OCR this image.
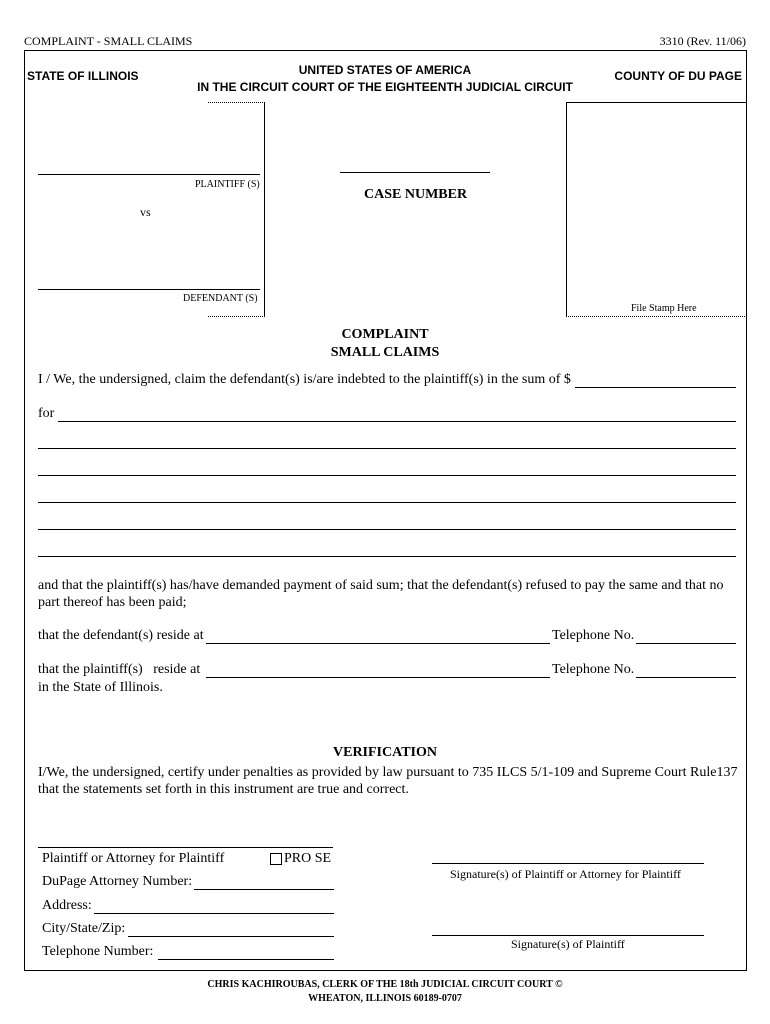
COMPLAINT - SMALL CLAIMS	3310 (Rev. 11/06)
STATE OF ILLINOIS	UNITED STATES OF AMERICA
IN THE CIRCUIT COURT OF THE EIGHTEENTH JUDICIAL CIRCUIT
COUNTY OF DU PAGE
PLAINTIFF (S)
vs
DEFENDANT (S)
CASE NUMBER
File Stamp Here
COMPLAINT
SMALL CLAIMS
I / We, the undersigned, claim the defendant(s) is/are indebted to the plaintiff(s) in the sum of $
for
and that the plaintiff(s) has/have demanded payment of said sum; that the defendant(s) refused to pay the same and that no part thereof has been paid;
that the defendant(s) reside at	Telephone No.
that the plaintiff(s)   reside at	Telephone No.
in the State of Illinois.
VERIFICATION
I/We, the undersigned, certify under penalties as provided by law pursuant to 735 ILCS 5/1-109 and Supreme Court Rule137 that the statements set forth in this instrument are true and correct.
Plaintiff or Attorney for Plaintiff	PRO SE
DuPage Attorney Number:
Address:
City/State/Zip:
Telephone Number:
Signature(s) of Plaintiff or Attorney for Plaintiff
Signature(s) of Plaintiff
CHRIS KACHIROUBAS, CLERK OF THE 18th JUDICIAL CIRCUIT COURT ©
WHEATON, ILLINOIS 60189-0707
